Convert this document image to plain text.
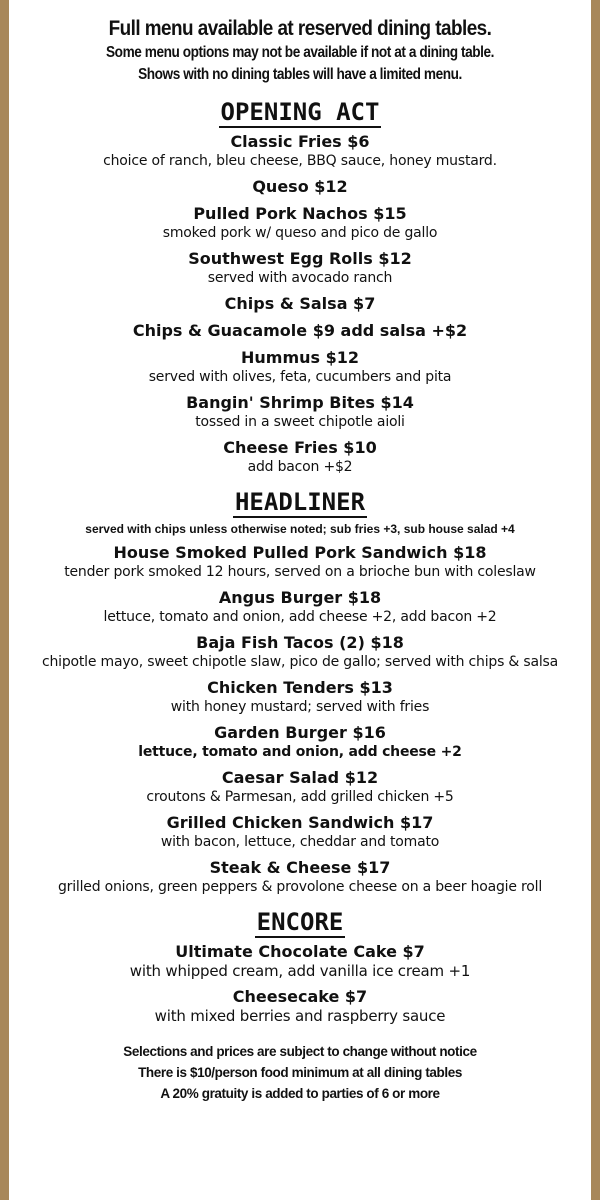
Full menu available at reserved dining tables.
Some menu options may not be available if not at a dining table.
Shows with no dining tables will have a limited menu.
OPENING ACT
Classic Fries $6
choice of ranch, bleu cheese, BBQ sauce, honey mustard.
Queso $12
Pulled Pork Nachos $15
smoked pork w/ queso and pico de gallo
Southwest Egg Rolls $12
served with avocado ranch
Chips & Salsa $7
Chips & Guacamole $9 add salsa +$2
Hummus $12
served with olives, feta, cucumbers and pita
Bangin' Shrimp Bites $14
tossed in a sweet chipotle aioli
Cheese Fries $10
add bacon +$2
HEADLINER
served with chips unless otherwise noted; sub fries +3, sub house salad +4
House Smoked Pulled Pork Sandwich $18
tender pork smoked 12 hours, served on a brioche bun with coleslaw
Angus Burger $18
lettuce, tomato and onion, add cheese +2, add bacon +2
Baja Fish Tacos (2) $18
chipotle mayo, sweet chipotle slaw, pico de gallo; served with chips & salsa
Chicken Tenders $13
with honey mustard; served with fries
Garden Burger $16
lettuce, tomato and onion, add cheese +2
Caesar Salad $12
croutons & Parmesan, add grilled chicken +5
Grilled Chicken Sandwich $17
with bacon, lettuce, cheddar and tomato
Steak & Cheese $17
grilled onions, green peppers & provolone cheese on a beer hoagie roll
ENCORE
Ultimate Chocolate Cake $7
with whipped cream, add vanilla ice cream +1
Cheesecake $7
with mixed berries and raspberry sauce
Selections and prices are subject to change without notice
There is $10/person food minimum at all dining tables
A 20% gratuity is added to parties of 6 or more
